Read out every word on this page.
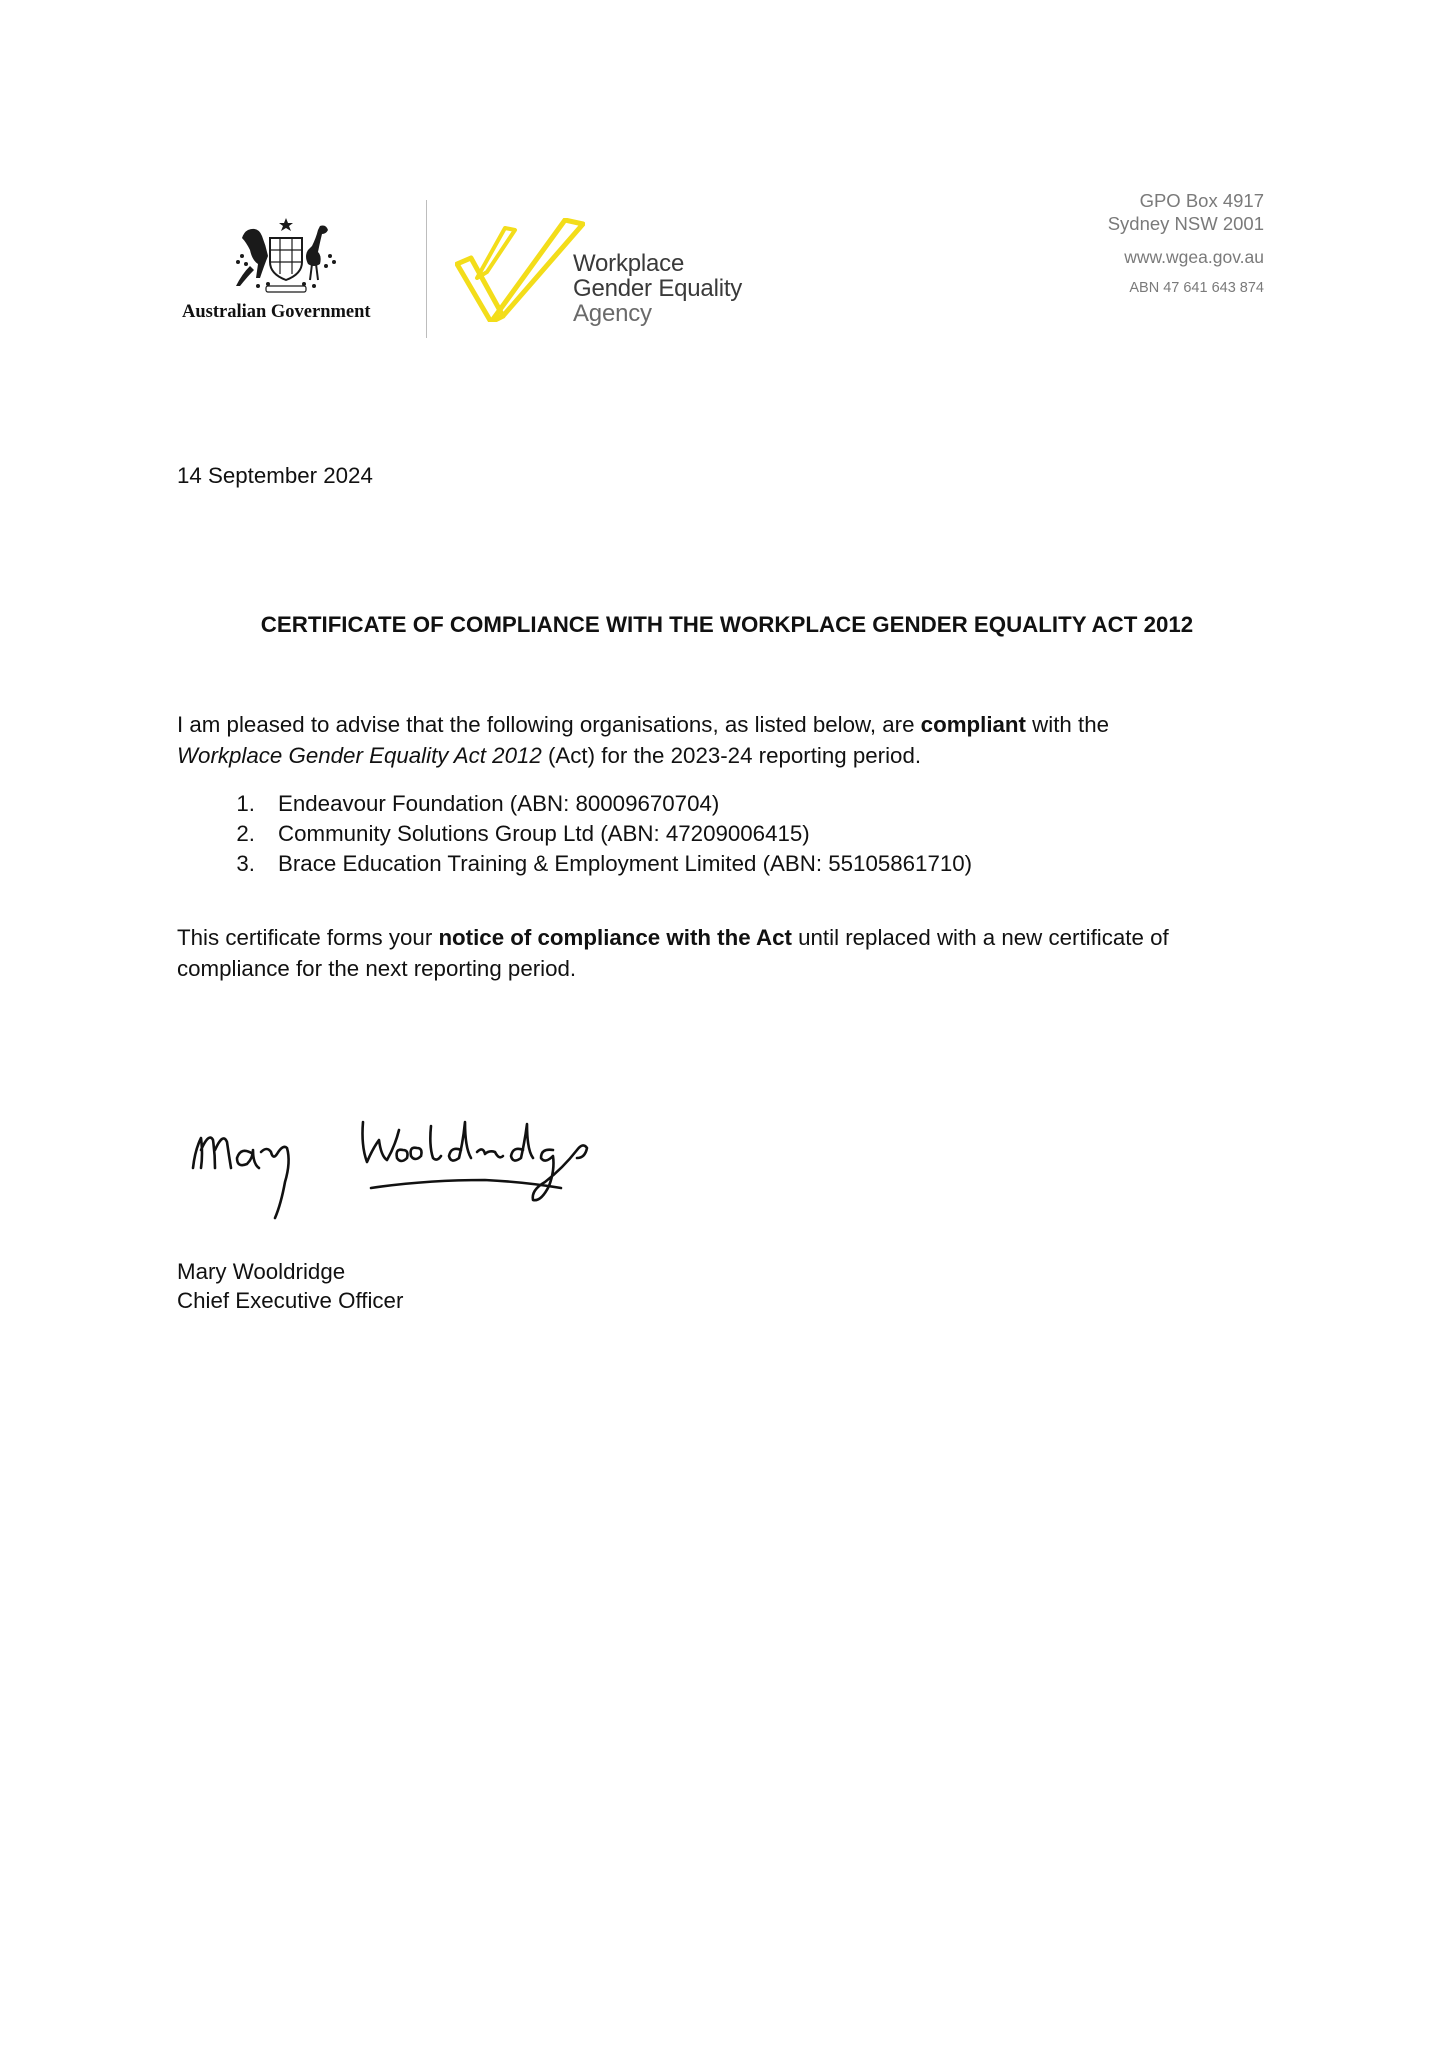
Australian Government
Workplace
Gender Equality
Agency
GPO Box 4917
Sydney NSW 2001
www.wgea.gov.au
ABN 47 641 643 874
14 September 2024
CERTIFICATE OF COMPLIANCE WITH THE WORKPLACE GENDER EQUALITY ACT 2012
I am pleased to advise that the following organisations, as listed below, are compliant with the
Workplace Gender Equality Act 2012 (Act) for the 2023-24 reporting period.
1.	Endeavour Foundation (ABN: 80009670704)
2.	Community Solutions Group Ltd (ABN: 47209006415)
3.	Brace Education Training & Employment Limited (ABN: 55105861710)
This certificate forms your notice of compliance with the Act until replaced with a new certificate of
compliance for the next reporting period.
Mary Wooldridge
Chief Executive Officer
